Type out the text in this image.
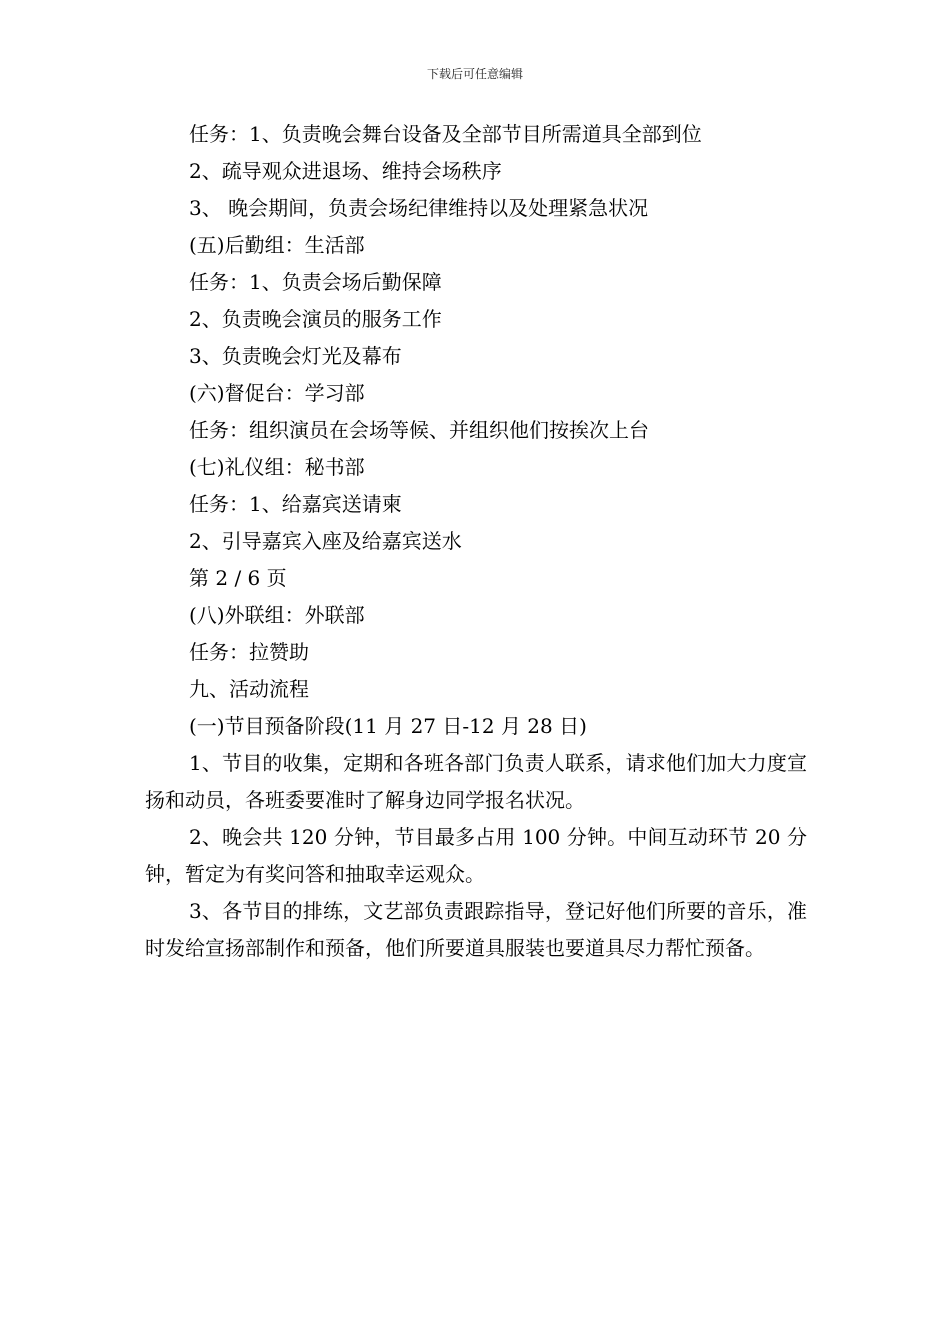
下载后可任意编辑

任务：1、负责晚会舞台设备及全部节目所需道具全部到位

2、疏导观众进退场、维持会场秩序

3、 晚会期间，负责会场纪律维持以及处理紧急状况

(五)后勤组：生活部

任务：1、负责会场后勤保障

2、负责晚会演员的服务工作

3、负责晚会灯光及幕布

(六)督促台：学习部

任务：组织演员在会场等候、并组织他们按挨次上台

(七)礼仪组：秘书部

任务：1、给嘉宾送请柬

2、引导嘉宾入座及给嘉宾送水

第 2 / 6 页

(八)外联组：外联部

任务：拉赞助

九、活动流程

(一)节目预备阶段(11 月 27 日-12 月 28 日)

1、节目的收集，定期和各班各部门负责人联系，请求他们加大力度宣扬和动员，各班委要准时了解身边同学报名状况。

2、晚会共 120 分钟，节目最多占用 100 分钟。中间互动环节 20 分钟，暂定为有奖问答和抽取幸运观众。

3、各节目的排练，文艺部负责跟踪指导，登记好他们所要的音乐，准时发给宣扬部制作和预备，他们所要道具服装也要道具尽力帮忙预备。
